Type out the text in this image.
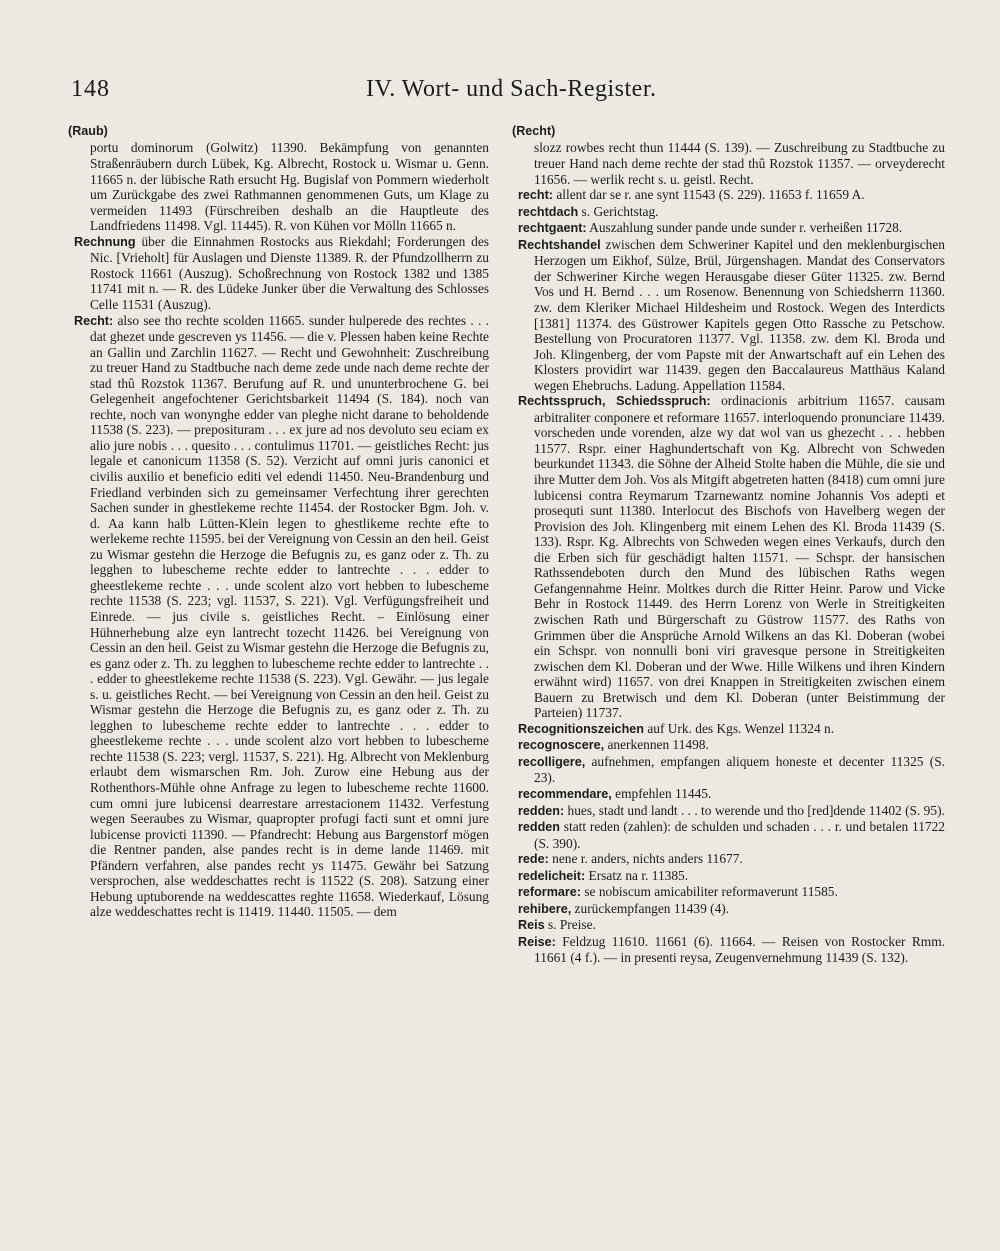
148	IV. Wort- und Sach-Register.
(Raub)

portu dominorum (Golwitz) 11390. Bekämpfung von genannten Straßenräubern durch Lübek, Kg. Albrecht, Rostock u. Wismar u. Genn. 11665 n. der lübische Rath ersucht Hg. Bugislaf von Pommern wiederholt um Zurückgabe des zwei Rathmannen genommenen Guts, um Klage zu vermeiden 11493 (Fürschreiben deshalb an die Hauptleute des Landfriedens 11498. Vgl. 11445). R. von Kühen vor Mölln 11665 n.

Rechnung über die Einnahmen Rostocks aus Riekdahl; Forderungen des Nic. [Vrieholt] für Auslagen und Dienste 11389. R. der Pfundzollherrn zu Rostock 11661 (Auszug). Schoßrechnung von Rostock 1382 und 1385 11741 mit n. — R. des Lüdeke Junker über die Verwaltung des Schlosses Celle 11531 (Auszug).

Recht: also see tho rechte scolden 11665. sunder hulperede des rechtes . . . dat ghezet unde gescreven ys 11456. — die v. Plessen haben keine Rechte an Gallin und Zarchlin 11627. — Recht und Gewohnheit: Zuschreibung zu treuer Hand zu Stadtbuche nach deme zede unde nach deme rechte der stad thû Rozstok 11367. Berufung auf R. und ununterbrochene G. bei Gelegenheit angefochtener Gerichtsbarkeit 11494 (S. 184). noch van rechte, noch van wonynghe edder van pleghe nicht darane to beholdende 11538 (S. 223). — preposituram . . . ex jure ad nos devoluto seu eciam ex alio jure nobis . . . quesito . . . contulimus 11701. — geistliches Recht: jus legale et canonicum 11358 (S. 52). Verzicht auf omni juris canonici et civilis auxilio et beneficio editi vel edendi 11450. Neu-Brandenburg und Friedland verbinden sich zu gemeinsamer Verfechtung ihrer gerechten Sachen sunder in ghestlekeme rechte 11454. der Rostocker Bgm. Joh. v. d. Aa kann halb Lütten-Klein legen to ghestlikeme rechte efte to werlekeme rechte 11595. bei der Vereignung von Cessin an den heil. Geist zu Wismar gestehn die Herzoge die Befugnis zu, es ganz oder z. Th. zu legghen to lubescheme rechte edder to lantrechte . . . edder to gheestlekeme rechte . . . unde scolent alzo vort hebben to lubescheme rechte 11538 (S. 223; vgl. 11537, S. 221). Vgl. Verfügungsfreiheit und Einrede. — jus civile s. geistliches Recht. – Einlösung einer Hühnerhebung alze eyn lantrecht tozecht 11426. bei Vereignung von Cessin an den heil. Geist zu Wismar gestehn die Herzoge die Befugnis zu, es ganz oder z. Th. zu legghen to lubescheme rechte edder to lantrechte . . . edder to gheestlekeme rechte 11538 (S. 223). Vgl. Gewähr. — jus legale s. u. geistliches Recht. — bei Vereignung von Cessin an den heil. Geist zu Wismar gestehn die Herzoge die Befugnis zu, es ganz oder z. Th. zu legghen to lubescheme rechte edder to lantrechte . . . edder to gheestlekeme rechte . . . unde scolent alzo vort hebben to lubescheme rechte 11538 (S. 223; vergl. 11537, S. 221). Hg. Albrecht von Meklenburg erlaubt dem wismarschen Rm. Joh. Zurow eine Hebung aus der Rothenthors-Mühle ohne Anfrage zu legen to lubescheme rechte 11600. cum omni jure lubicensi dearrestare arrestacionem 11432. Verfestung wegen Seeraubes zu Wismar, quapropter profugi facti sunt et omni jure lubicense provicti 11390. — Pfandrecht: Hebung aus Bargenstorf mögen die Rentner panden, alse pandes recht is in deme lande 11469. mit Pfändern verfahren, alse pandes recht ys 11475. Gewähr bei Satzung versprochen, alse weddeschattes recht is 11522 (S. 208). Satzung einer Hebung uptuborende na weddescattes reghte 11658. Wiederkauf, Lösung alze weddeschattes recht is 11419. 11440. 11505. — dem

(Recht)

slozz rowbes recht thun 11444 (S. 139). — Zuschreibung zu Stadtbuche zu treuer Hand nach deme rechte der stad thû Rozstok 11357. — orveyderecht 11656. — werlik recht s. u. geistl. Recht.

recht: allent dar se r. ane synt 11543 (S. 229). 11653 f. 11659 A.

rechtdach s. Gerichtstag.

rechtgaent: Auszahlung sunder pande unde sunder r. verheißen 11728.

Rechtshandel zwischen dem Schweriner Kapitel und den meklenburgischen Herzogen um Eikhof, Sülze, Brül, Jürgenshagen. Mandat des Conservators der Schweriner Kirche wegen Herausgabe dieser Güter 11325. zw. Bernd Vos und H. Bernd . . . um Rosenow. Benennung von Schiedsherrn 11360. zw. dem Kleriker Michael Hildesheim und Rostock. Wegen des Interdicts [1381] 11374. des Güstrower Kapitels gegen Otto Rassche zu Petschow. Bestellung von Procuratoren 11377. Vgl. 11358. zw. dem Kl. Broda und Joh. Klingenberg, der vom Papste mit der Anwartschaft auf ein Lehen des Klosters providirt war 11439. gegen den Baccalaureus Matthäus Kaland wegen Ehebruchs. Ladung. Appellation 11584.

Rechtsspruch, Schiedsspruch: ordinacionis arbitrium 11657. causam arbitraliter conponere et reformare 11657. interloquendo pronunciare 11439. vorscheden unde vorenden, alze wy dat wol van us ghezecht . . . hebben 11577. Rspr. einer Haghundertschaft von Kg. Albrecht von Schweden beurkundet 11343. die Söhne der Alheid Stolte haben die Mühle, die sie und ihre Mutter dem Joh. Vos als Mitgift abgetreten hatten (8418) cum omni jure lubicensi contra Reymarum Tzarnewantz nomine Johannis Vos adepti et prosequti sunt 11380. Interlocut des Bischofs von Havelberg wegen der Provision des Joh. Klingenberg mit einem Lehen des Kl. Broda 11439 (S. 133). Rspr. Kg. Albrechts von Schweden wegen eines Verkaufs, durch den die Erben sich für geschädigt halten 11571. — Schspr. der hansischen Rathssendeboten durch den Mund des lübischen Raths wegen Gefangennahme Heinr. Moltkes durch die Ritter Heinr. Parow und Vicke Behr in Rostock 11449. des Herrn Lorenz von Werle in Streitigkeiten zwischen Rath und Bürgerschaft zu Güstrow 11577. des Raths von Grimmen über die Ansprüche Arnold Wilkens an das Kl. Doberan (wobei ein Schspr. von nonnulli boni viri gravesque persone in Streitigkeiten zwischen dem Kl. Doberan und der Wwe. Hille Wilkens und ihren Kindern erwähnt wird) 11657. von drei Knappen in Streitigkeiten zwischen einem Bauern zu Bretwisch und dem Kl. Doberan (unter Beistimmung der Parteien) 11737.

Recognitionszeichen auf Urk. des Kgs. Wenzel 11324 n.

recognoscere, anerkennen 11498.

recolligere, aufnehmen, empfangen aliquem honeste et decenter 11325 (S. 23).

recommendare, empfehlen 11445.

redden: hues, stadt und landt . . . to werende und tho [red]dende 11402 (S. 95).

redden statt reden (zahlen): de schulden und schaden . . . r. und betalen 11722 (S. 390).

rede: nene r. anders, nichts anders 11677.

redelicheit: Ersatz na r. 11385.

reformare: se nobiscum amicabiliter reformaverunt 11585.

rehibere, zurückempfangen 11439 (4).

Reis s. Preise.

Reise: Feldzug 11610. 11661 (6). 11664. — Reisen von Rostocker Rmm. 11661 (4 f.). — in presenti reysa, Zeugenvernehmung 11439 (S. 132).
